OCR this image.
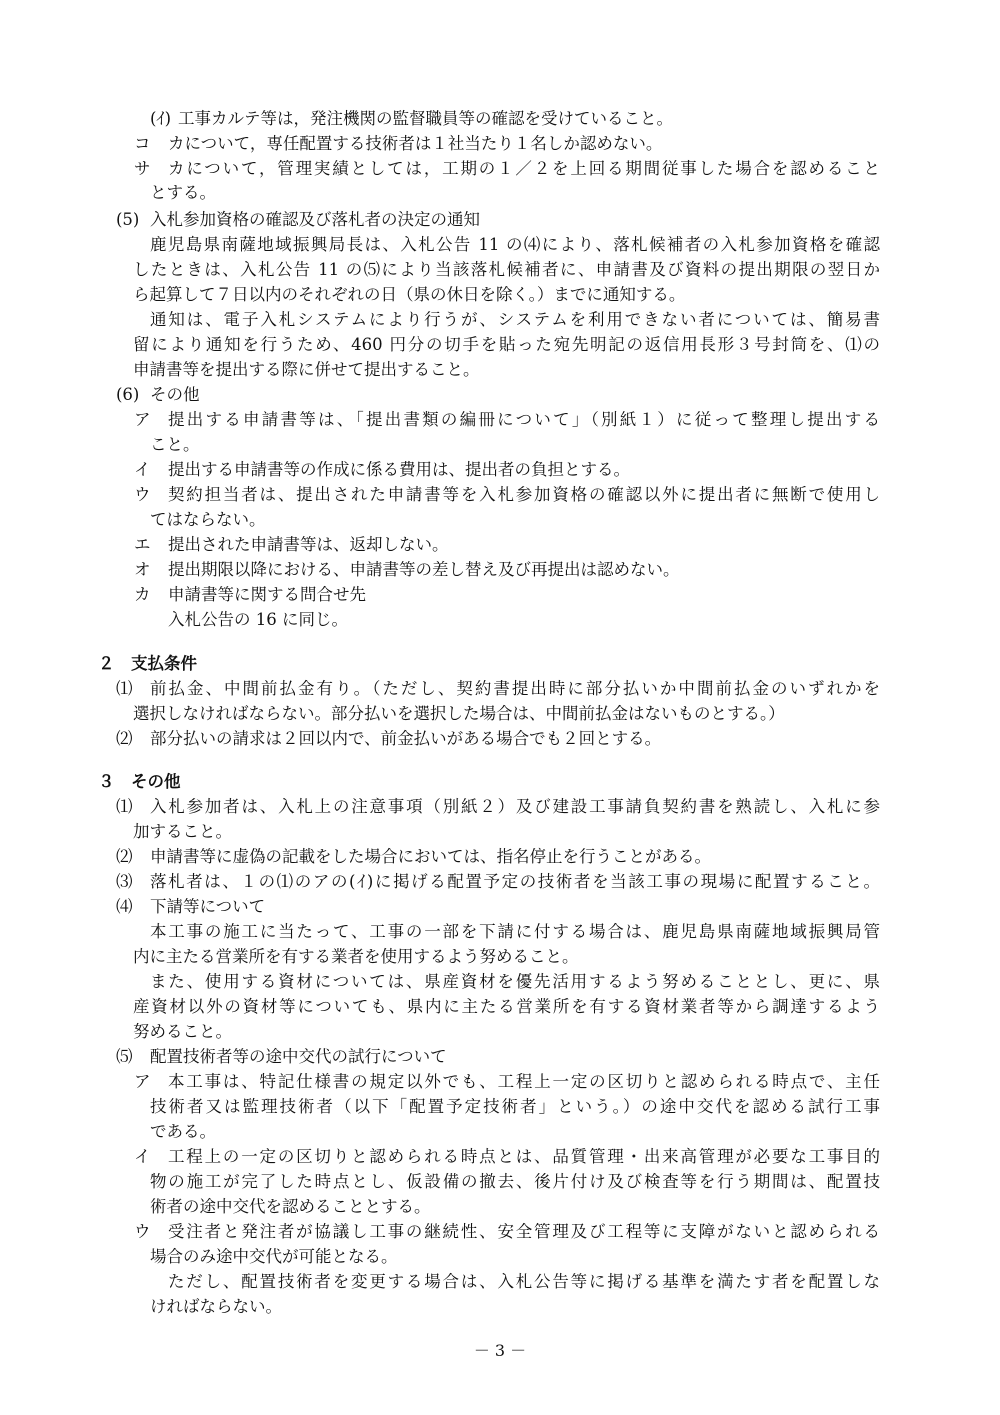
(ｲ) 工事カルテ等は，発注機関の監督職員等の確認を受けていること。
コ カについて，専任配置する技術者は１社当たり１名しか認めない。
サ カについて，管理実績としては，工期の１／２を上回る期間従事した場合を認めること
とする。
(5) 入札参加資格の確認及び落札者の決定の通知
鹿児島県南薩地域振興局長は、入札公告 11 の⑷により、落札候補者の入札参加資格を確認
したときは、入札公告 11 の⑸により当該落札候補者に、申請書及び資料の提出期限の翌日か
ら起算して７日以内のそれぞれの日（県の休日を除く。）までに通知する。
通知は、電子入札システムにより行うが、システムを利用できない者については、簡易書
留により通知を行うため、460 円分の切手を貼った宛先明記の返信用長形３号封筒を、⑴の
申請書等を提出する際に併せて提出すること。
(6) その他
ア 提出する申請書等は、「提出書類の編冊について」（別紙１）に従って整理し提出する
こと。
イ 提出する申請書等の作成に係る費用は、提出者の負担とする。
ウ 契約担当者は、提出された申請書等を入札参加資格の確認以外に提出者に無断で使用し
てはならない。
エ 提出された申請書等は、返却しない。
オ 提出期限以降における、申請書等の差し替え及び再提出は認めない。
カ 申請書等に関する問合せ先
入札公告の 16 に同じ。
２　支払条件
⑴ 前払金、中間前払金有り。（ただし、契約書提出時に部分払いか中間前払金のいずれかを
選択しなければならない。部分払いを選択した場合は、中間前払金はないものとする。）
⑵ 部分払いの請求は２回以内で、前金払いがある場合でも２回とする。
３　その他
⑴ 入札参加者は、入札上の注意事項（別紙２）及び建設工事請負契約書を熟読し、入札に参
加すること。
⑵ 申請書等に虚偽の記載をした場合においては、指名停止を行うことがある。
⑶ 落札者は、１の⑴のアの(ｲ)に掲げる配置予定の技術者を当該工事の現場に配置すること。
⑷ 下請等について
本工事の施工に当たって、工事の一部を下請に付する場合は、鹿児島県南薩地域振興局管
内に主たる営業所を有する業者を使用するよう努めること。
また、使用する資材については、県産資材を優先活用するよう努めることとし、更に、県
産資材以外の資材等についても、県内に主たる営業所を有する資材業者等から調達するよう
努めること。
⑸ 配置技術者等の途中交代の試行について
ア 本工事は、特記仕様書の規定以外でも、工程上一定の区切りと認められる時点で、主任
技術者又は監理技術者（以下「配置予定技術者」という。）の途中交代を認める試行工事
である。
イ 工程上の一定の区切りと認められる時点とは、品質管理・出来高管理が必要な工事目的
物の施工が完了した時点とし、仮設備の撤去、後片付け及び検査等を行う期間は、配置技
術者の途中交代を認めることとする。
ウ 受注者と発注者が協議し工事の継続性、安全管理及び工程等に支障がないと認められる
場合のみ途中交代が可能となる。
ただし、配置技術者を変更する場合は、入札公告等に掲げる基準を満たす者を配置しな
ければならない。
－ 3 －
